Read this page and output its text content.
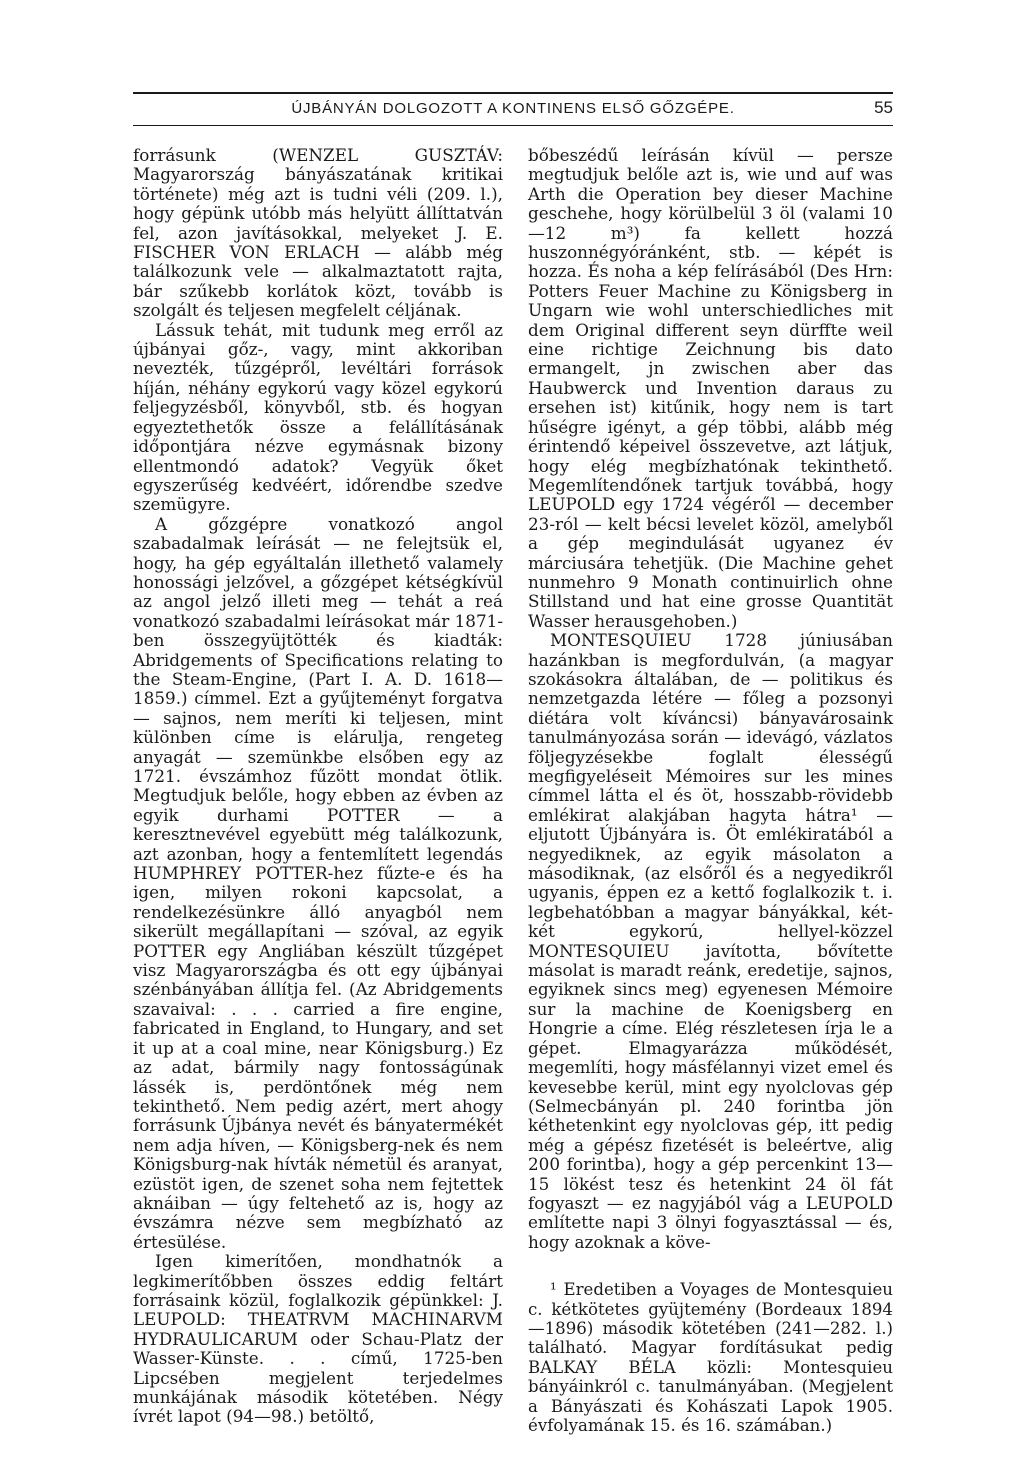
ÚJBÁNYÁN DOLGOZOTT A KONTINENS ELSŐ GŐZGÉPE.	55

forrásunk (WENZEL GUSZTÁV: Magyarország bányászatának kritikai története) még azt is tudni véli (209. l.), hogy gépünk utóbb más helyütt állíttatván fel, azon javításokkal, melyeket J. E. FISCHER VON ERLACH — alább még találkozunk vele — alkalmaztatott rajta, bár szűkebb korlátok közt, tovább is szolgált és teljesen megfelelt céljának.

Lássuk tehát, mit tudunk meg erről az újbányai gőz-, vagy, mint akkoriban nevezték, tűzgépről, levéltári források híján, néhány egykorú vagy közel egykorú feljegyzésből, könyvből, stb. és hogyan egyeztethetők össze a felállításának időpontjára nézve egymásnak bizony ellentmondó adatok? Vegyük őket egyszerűség kedvéért, időrendbe szedve szemügyre.

A gőzgépre vonatkozó angol szabadalmak leírását — ne felejtsük el, hogy, ha gép egyáltalán illethető valamely honossági jelzővel, a gőzgépet kétségkívül az angol jelző illeti meg — tehát a reá vonatkozó szabadalmi leírásokat már 1871-ben összegyüjtötték és kiadták: Abridgements of Specifications relating to the Steam-Engine, (Part I. A. D. 1618—1859.) címmel. Ezt a gyűjteményt forgatva — sajnos, nem meríti ki teljesen, mint különben címe is elárulja, rengeteg anyagát — szemünkbe elsőben egy az 1721. évszámhoz fűzött mondat ötlik. Megtudjuk belőle, hogy ebben az évben az egyik durhami POTTER — a keresztnevével egyebütt még találkozunk, azt azonban, hogy a fentemlített legendás HUMPHREY POTTER-hez fűzte-e és ha igen, milyen rokoni kapcsolat, a rendelkezésünkre álló anyagból nem sikerült megállapítani — szóval, az egyik POTTER egy Angliában készült tűzgépet visz Magyarországba és ott egy újbányai szénbányában állítja fel. (Az Abridgements szavaival: . . . carried a fire engine, fabricated in England, to Hungary, and set it up at a coal mine, near Königsburg.) Ez az adat, bármily nagy fontosságúnak lássék is, perdöntőnek még nem tekinthető. Nem pedig azért, mert ahogy forrásunk Újbánya nevét és bányatermékét nem adja híven, — Königsberg-nek és nem Königsburg-nak hívták németül és aranyat, ezüstöt igen, de szenet soha nem fejtettek aknáiban — úgy feltehető az is, hogy az évszámra nézve sem megbízható az értesülése.

Igen kimerítően, mondhatnók a legkimerítőbben összes eddig feltárt forrásaink közül, foglalkozik gépünkkel: J. LEUPOLD: THEATRVM MACHINARVM HYDRAULICARUM oder Schau-Platz der Wasser-Künste. . . című, 1725-ben Lipcsében megjelent terjedelmes munkájának második kötetében. Négy ívrét lapot (94—98.) betöltő,

bőbeszédű leírásán kívül — persze megtudjuk belőle azt is, wie und auf was Arth die Operation bey dieser Machine geschehe, hogy körülbelül 3 öl (valami 10—12 m³) fa kellett hozzá huszonnégyóránként, stb. — képét is hozza. És noha a kép felírásából (Des Hrn: Potters Feuer Machine zu Königsberg in Ungarn wie wohl unterschiedliches mit dem Original different seyn dürffte weil eine richtige Zeichnung bis dato ermangelt, jn zwischen aber das Haubwerck und Invention daraus zu ersehen ist) kitűnik, hogy nem is tart hűségre igényt, a gép többi, alább még érintendő képeivel összevetve, azt látjuk, hogy elég megbízhatónak tekinthető. Megemlítendőnek tartjuk továbbá, hogy LEUPOLD egy 1724 végéről — december 23-ról — kelt bécsi levelet közöl, amelyből a gép megindulását ugyanez év márciusára tehetjük. (Die Machine gehet nunmehro 9 Monath continuirlich ohne Stillstand und hat eine grosse Quantität Wasser herausgehoben.)

MONTESQUIEU 1728 júniusában hazánkban is megfordulván, (a magyar szokásokra általában, de — politikus és nemzetgazda létére — főleg a pozsonyi diétára volt kíváncsi) bányavárosaink tanulmányozása során — idevágó, vázlatos följegyzésekbe foglalt élességű megfigyeléseit Mémoires sur les mines címmel látta el és öt, hosszabb-rövidebb emlékirat alakjában hagyta hátra¹ — eljutott Újbányára is. Öt emlékiratából a negyediknek, az egyik másolaton a másodiknak, (az elsőről és a negyedikről ugyanis, éppen ez a kettő foglalkozik t. i. legbehatóbban a magyar bányákkal, két-két egykorú, hellyel-közzel MONTESQUIEU javította, bővítette másolat is maradt reánk, eredetije, sajnos, egyiknek sincs meg) egyenesen Mémoire sur la machine de Koenigsberg en Hongrie a címe. Elég részletesen írja le a gépet. Elmagyarázza működését, megemlíti, hogy másfélannyi vizet emel és kevesebbe kerül, mint egy nyolclovas gép (Selmecbányán pl. 240 forintba jön kéthetenkint egy nyolclovas gép, itt pedig még a gépész fizetését is beleértve, alig 200 forintba), hogy a gép percenkint 13—15 lökést tesz és hetenkint 24 öl fát fogyaszt — ez nagyjából vág a LEUPOLD említette napi 3 ölnyi fogyasztással — és, hogy azoknak a köve-

¹ Eredetiben a Voyages de Montesquieu c. kétkötetes gyüjtemény (Bordeaux 1894—1896) második kötetében (241—282. l.) található. Magyar fordításukat pedig BALKAY BÉLA közli: Montesquieu bányáinkról c. tanulmányában. (Megjelent a Bányászati és Kohászati Lapok 1905. évfolyamának 15. és 16. számában.)
